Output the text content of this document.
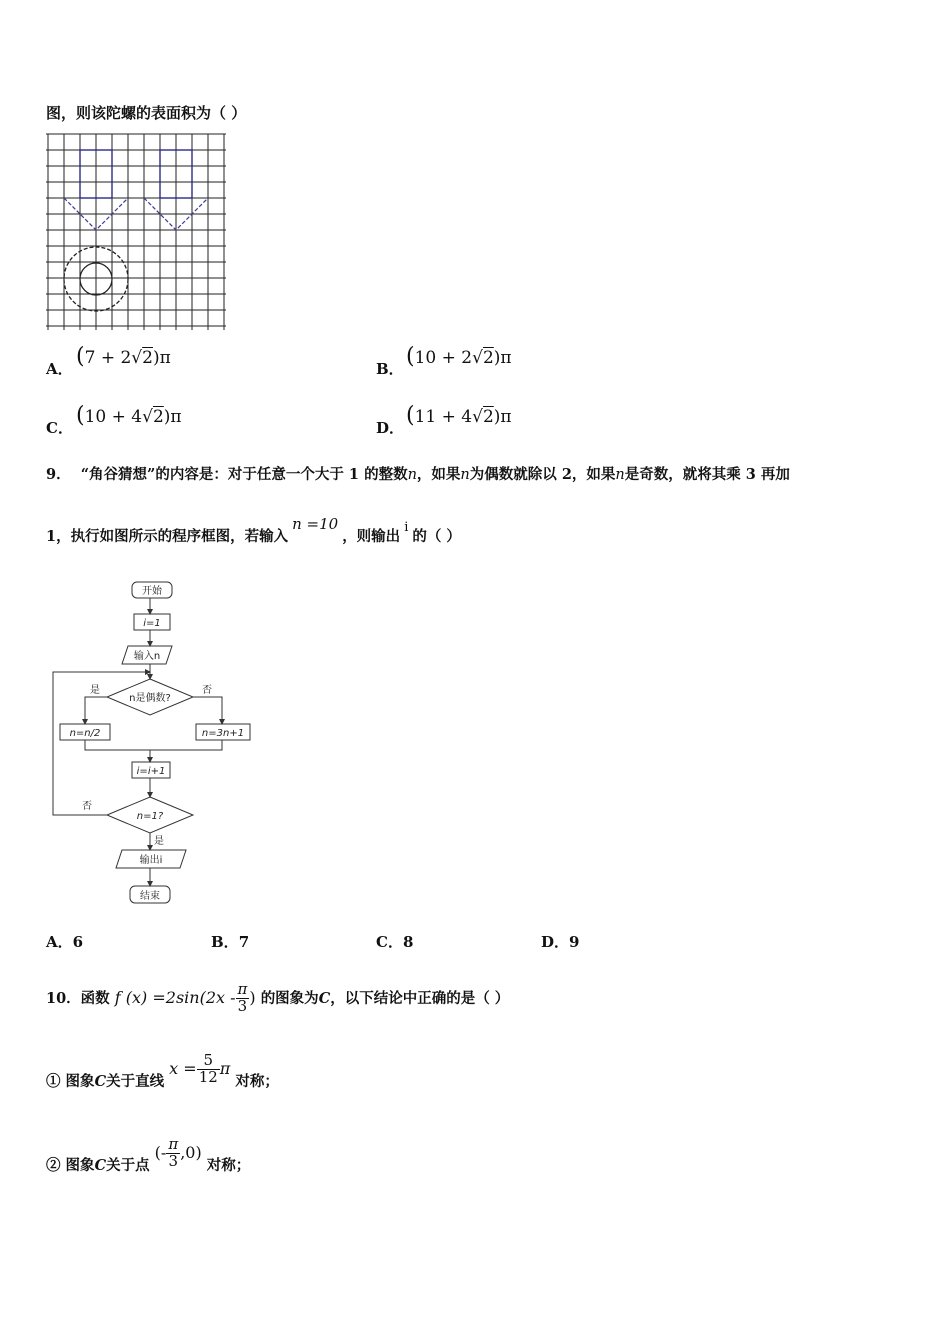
图，则该陀螺的表面积为（ ）
A． (7 + 2√2)π
B． (10 + 2√2)π
C． (10 + 4√2)π
D． (11 + 4√2)π
9． “角谷猜想”的内容是：对于任意一个大于 1 的整数n，如果n为偶数就除以 2，如果n是奇数，就将其乘 3 再加
1，执行如图所示的程序框图，若输入n =10，则输出i的（ ）
开始
i=1
输入n
n是偶数?
是	否
n=n/2	n=3n+1
i=i+1
n=1?
否
是
输出i
结束
A．6	B．7	C．8	D．9
10．函数 f $(x) =2\sin(2x - \frac{\pi}{3}$ ) 的图象为C，以下结论中正确的是（ ）
① 图象C关于直线 $x = \frac{5}{12}$ π 对称；
② 图象C关于点 (- $\frac{\pi}{3} ,0$) 对称；
